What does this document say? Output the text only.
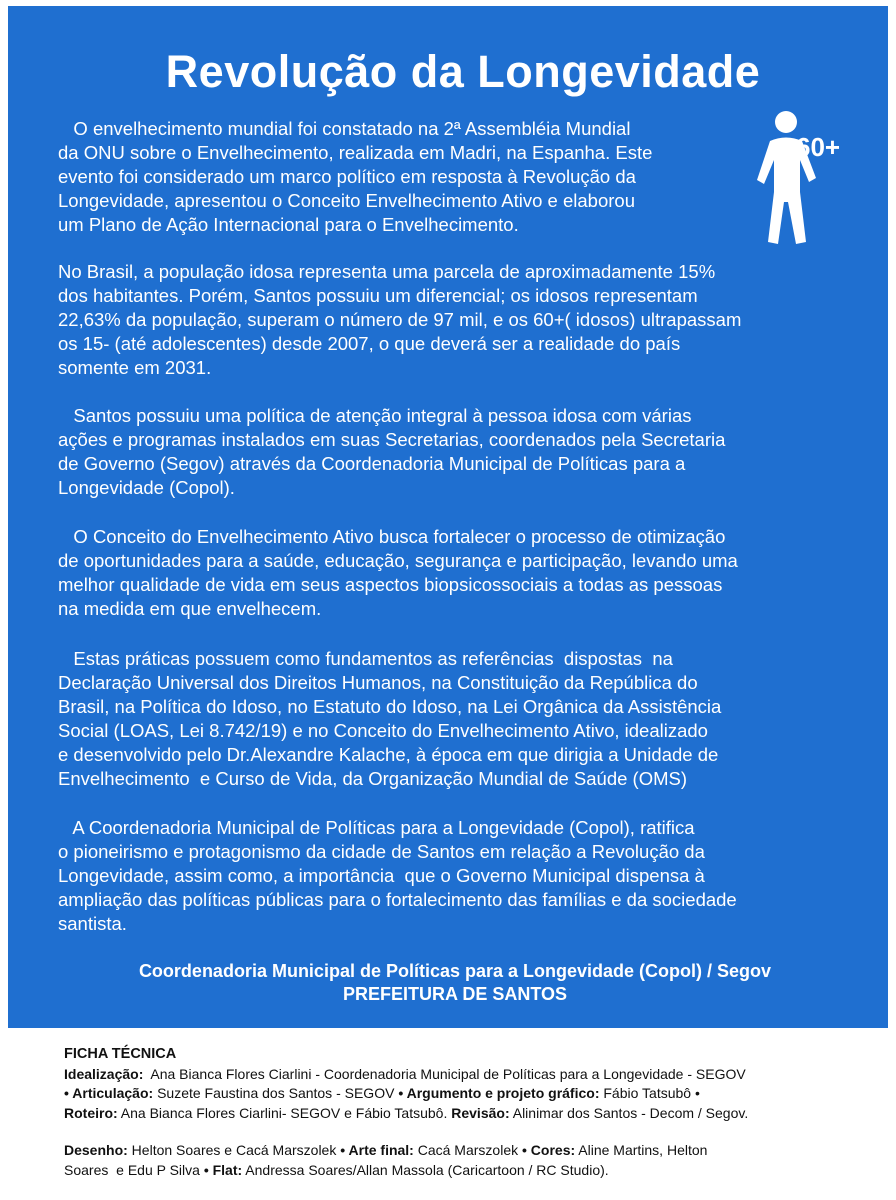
Revolução da Longevidade
60+
O envelhecimento mundial foi constatado na 2ª Assembléia Mundial
da ONU sobre o Envelhecimento, realizada em Madri, na Espanha. Este
evento foi considerado um marco político em resposta à Revolução da
Longevidade, apresentou o Conceito Envelhecimento Ativo e elaborou
um Plano de Ação Internacional para o Envelhecimento.
No Brasil, a população idosa representa uma parcela de aproximadamente 15%
dos habitantes. Porém, Santos possuiu um diferencial; os idosos representam
22,63% da população, superam o número de 97 mil, e os 60+( idosos) ultrapassam
os 15- (até adolescentes) desde 2007, o que deverá ser a realidade do país
somente em 2031.
Santos possuiu uma política de atenção integral à pessoa idosa com várias
ações e programas instalados em suas Secretarias, coordenados pela Secretaria
de Governo (Segov) através da Coordenadoria Municipal de Políticas para a
Longevidade (Copol).
O Conceito do Envelhecimento Ativo busca fortalecer o processo de otimização
de oportunidades para a saúde, educação, segurança e participação, levando uma
melhor qualidade de vida em seus aspectos biopsicossociais a todas as pessoas
na medida em que envelhecem.
Estas práticas possuem como fundamentos as referências  dispostas  na
Declaração Universal dos Direitos Humanos, na Constituição da República do
Brasil, na Política do Idoso, no Estatuto do Idoso, na Lei Orgânica da Assistência
Social (LOAS, Lei 8.742/19) e no Conceito do Envelhecimento Ativo, idealizado
e desenvolvido pelo Dr.Alexandre Kalache, à época em que dirigia a Unidade de
Envelhecimento  e Curso de Vida, da Organização Mundial de Saúde (OMS)
A Coordenadoria Municipal de Políticas para a Longevidade (Copol), ratifica
o pioneirismo e protagonismo da cidade de Santos em relação a Revolução da
Longevidade, assim como, a importância  que o Governo Municipal dispensa à
ampliação das políticas públicas para o fortalecimento das famílias e da sociedade
santista.
Coordenadoria Municipal de Políticas para a Longevidade (Copol) / Segov
PREFEITURA DE SANTOS
FICHA TÉCNICA
Idealização:  Ana Bianca Flores Ciarlini - Coordenadoria Municipal de Políticas para a Longevidade - SEGOV
• Articulação: Suzete Faustina dos Santos - SEGOV • Argumento e projeto gráfico: Fábio Tatsubô •
Roteiro: Ana Bianca Flores Ciarlini- SEGOV e Fábio Tatsubô. Revisão: Alinimar dos Santos - Decom / Segov.
Desenho: Helton Soares e Cacá Marszolek • Arte final: Cacá Marszolek • Cores: Aline Martins, Helton
Soares  e Edu P Silva • Flat: Andressa Soares/Allan Massola (Caricartoon / RC Studio).
